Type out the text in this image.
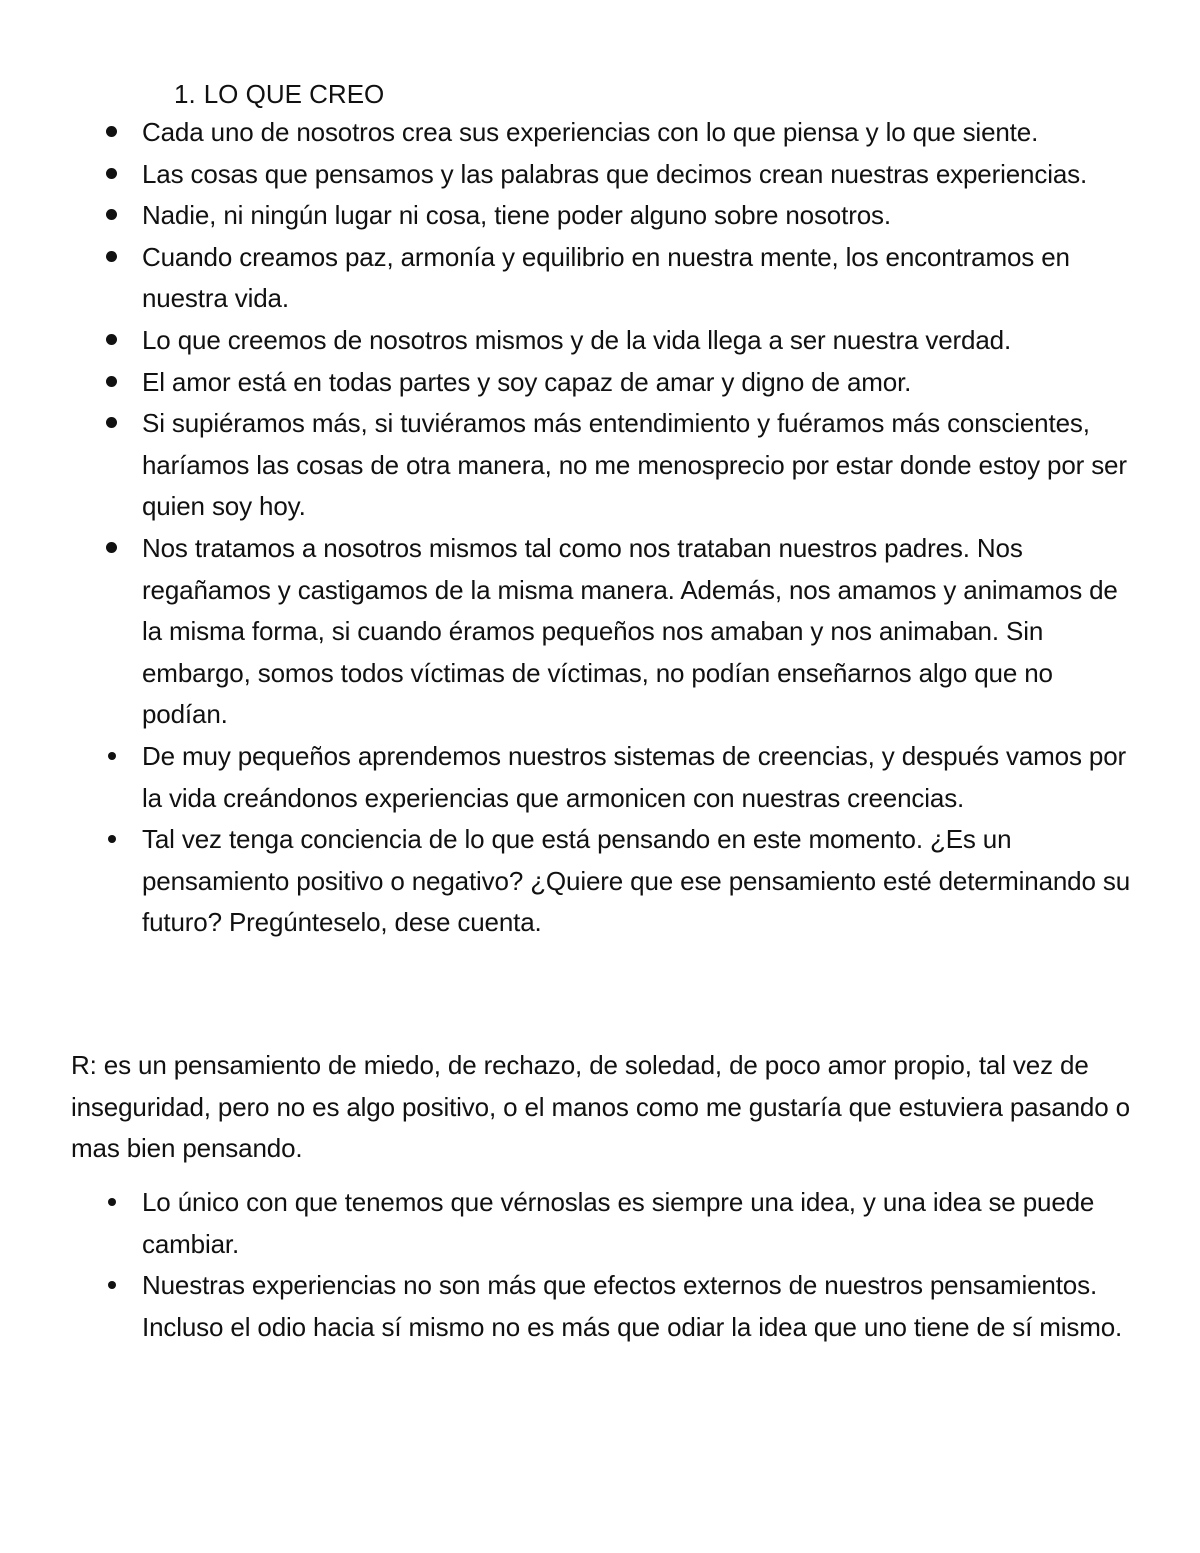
1. LO QUE CREO
Cada uno de nosotros crea sus experiencias con lo que piensa y lo que siente.
Las cosas que pensamos y las palabras que decimos crean nuestras experiencias.
Nadie, ni ningún lugar ni cosa, tiene poder alguno sobre nosotros.
Cuando creamos paz, armonía y equilibrio en nuestra mente, los encontramos en nuestra vida.
Lo que creemos de nosotros mismos y de la vida llega a ser nuestra verdad.
El amor está en todas partes y soy capaz de amar y digno de amor.
Si supiéramos más, si tuviéramos más entendimiento y fuéramos más conscientes, haríamos las cosas de otra manera, no me menosprecio por estar donde estoy por ser quien soy hoy.
Nos tratamos a nosotros mismos tal como nos trataban nuestros padres. Nos regañamos y castigamos de la misma manera. Además, nos amamos y animamos de la misma forma, si cuando éramos pequeños nos amaban y nos animaban. Sin embargo, somos todos víctimas de víctimas, no podían enseñarnos algo que no podían.
De muy pequeños aprendemos nuestros sistemas de creencias, y después vamos por la vida creándonos experiencias que armonicen con nuestras creencias.
Tal vez tenga conciencia de lo que está pensando en este momento. ¿Es un pensamiento positivo o negativo? ¿Quiere que ese pensamiento esté determinando su futuro? Pregúnteselo, dese cuenta.

R: es un pensamiento de miedo, de rechazo, de soledad, de poco amor propio, tal vez de inseguridad, pero no es algo positivo, o el manos como me gustaría que estuviera pasando o mas bien pensando.

Lo único con que tenemos que vérnoslas es siempre una idea, y una idea se puede cambiar.
Nuestras experiencias no son más que efectos externos de nuestros pensamientos. Incluso el odio hacia sí mismo no es más que odiar la idea que uno tiene de sí mismo.
